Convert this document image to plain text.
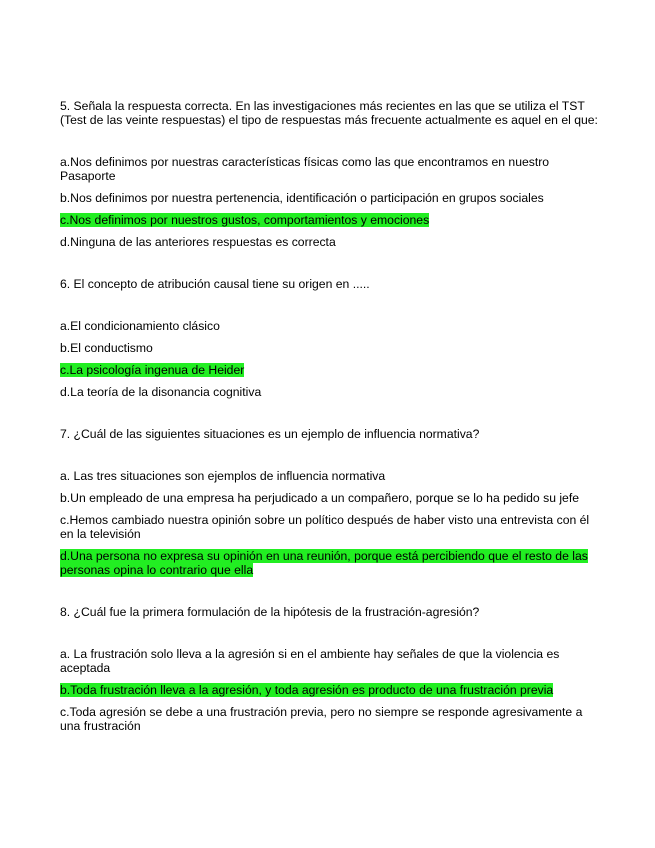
5. Señala la respuesta correcta. En las investigaciones más recientes en las que se utiliza el TST (Test de las veinte respuestas) el tipo de respuestas más frecuente actualmente es aquel en el que:
a.Nos definimos por nuestras características físicas como las que encontramos en nuestro Pasaporte
b.Nos definimos por nuestra pertenencia, identificación o participación en grupos sociales
c.Nos definimos por nuestros gustos, comportamientos y emociones
d.Ninguna de las anteriores respuestas es correcta
6. El concepto de atribución causal tiene su origen en .....
a.El condicionamiento clásico
b.El conductismo
c.La psicología ingenua de Heider
d.La teoría de la disonancia cognitiva
7. ¿Cuál de las siguientes situaciones es un ejemplo de influencia normativa?
a. Las tres situaciones son ejemplos de influencia normativa
b.Un empleado de una empresa ha perjudicado a un compañero, porque se lo ha pedido su jefe
c.Hemos cambiado nuestra opinión sobre un político después de haber visto una entrevista con él en la televisión
d.Una persona no expresa su opinión en una reunión, porque está percibiendo que el resto de las personas opina lo contrario que ella
8. ¿Cuál fue la primera formulación de la hipótesis de la frustración-agresión?
a. La frustración solo lleva a la agresión si en el ambiente hay señales de que la violencia es aceptada
b.Toda frustración lleva a la agresión, y toda agresión es producto de una frustración previa
c.Toda agresión se debe a una frustración previa, pero no siempre se responde agresivamente a una frustración
